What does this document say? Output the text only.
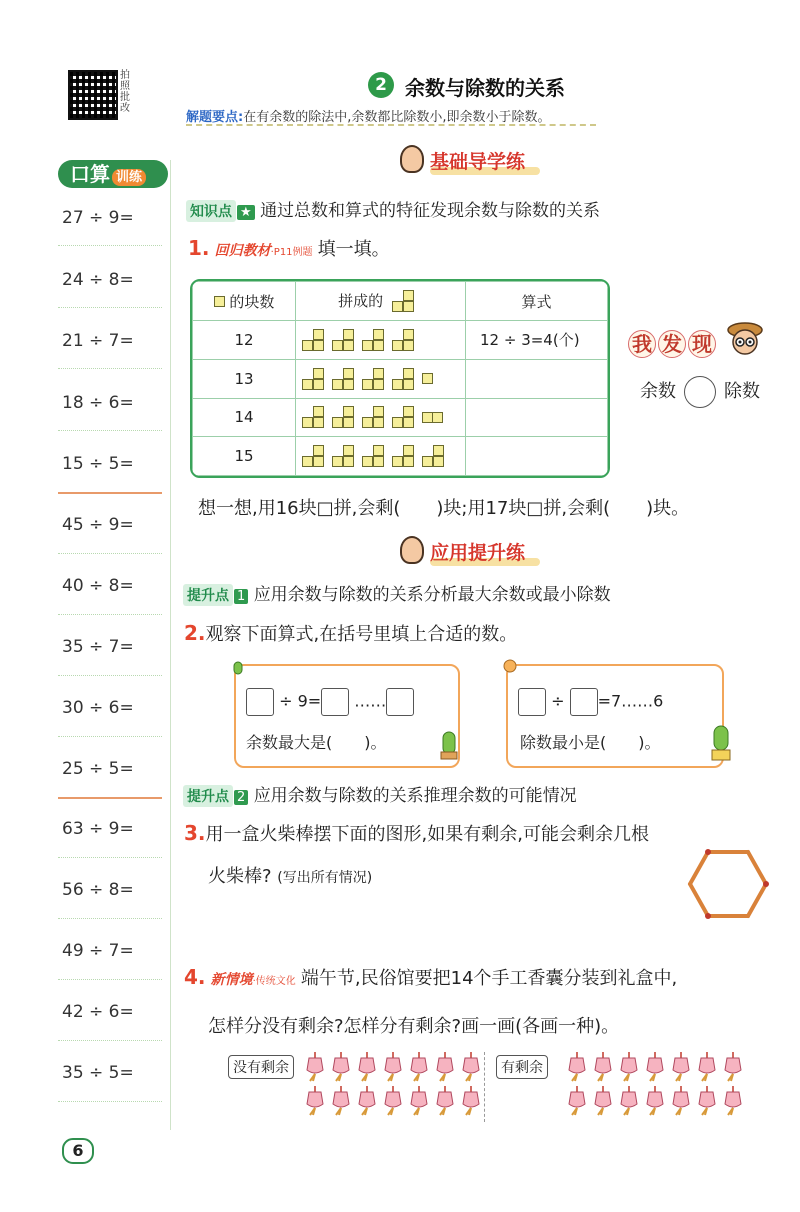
拍照批改
2 余数与除数的关系
解题要点:在有余数的除法中,余数都比除数小,即余数小于除数。
口算 训练
27 ÷ 9=
24 ÷ 8=
21 ÷ 7=
18 ÷ 6=
15 ÷ 5=
45 ÷ 9=
40 ÷ 8=
35 ÷ 7=
30 ÷ 6=
25 ÷ 5=
63 ÷ 9=
56 ÷ 8=
49 ÷ 7=
42 ÷ 6=
35 ÷ 5=
基础导学练
知识点 ★ 通过总数和算式的特征发现余数与除数的关系
1. 回归教材·P11例题 填一填。
的块数	拼成的	算式
12		12 ÷ 3=4(个)
13	

14	

15	

我 发 现
余数	除数
想一想,用16块□拼,会剩(　　)块;用17块□拼,会剩(　　)块。
应用提升练
提升点 1 应用余数与除数的关系分析最大余数或最小除数
2.观察下面算式,在括号里填上合适的数。
÷ 9= ……
余数最大是(　　)。
÷ =7……6
除数最小是(　　)。
提升点 2 应用余数与除数的关系推理余数的可能情况
3.用一盒火柴棒摆下面的图形,如果有剩余,可能会剩余几根
火柴棒? (写出所有情况)
4. 新情境·传统文化 端午节,民俗馆要把14个手工香囊分装到礼盒中,
怎样分没有剩余?怎样分有剩余?画一画(各画一种)。
没有剩余	有剩余
6
